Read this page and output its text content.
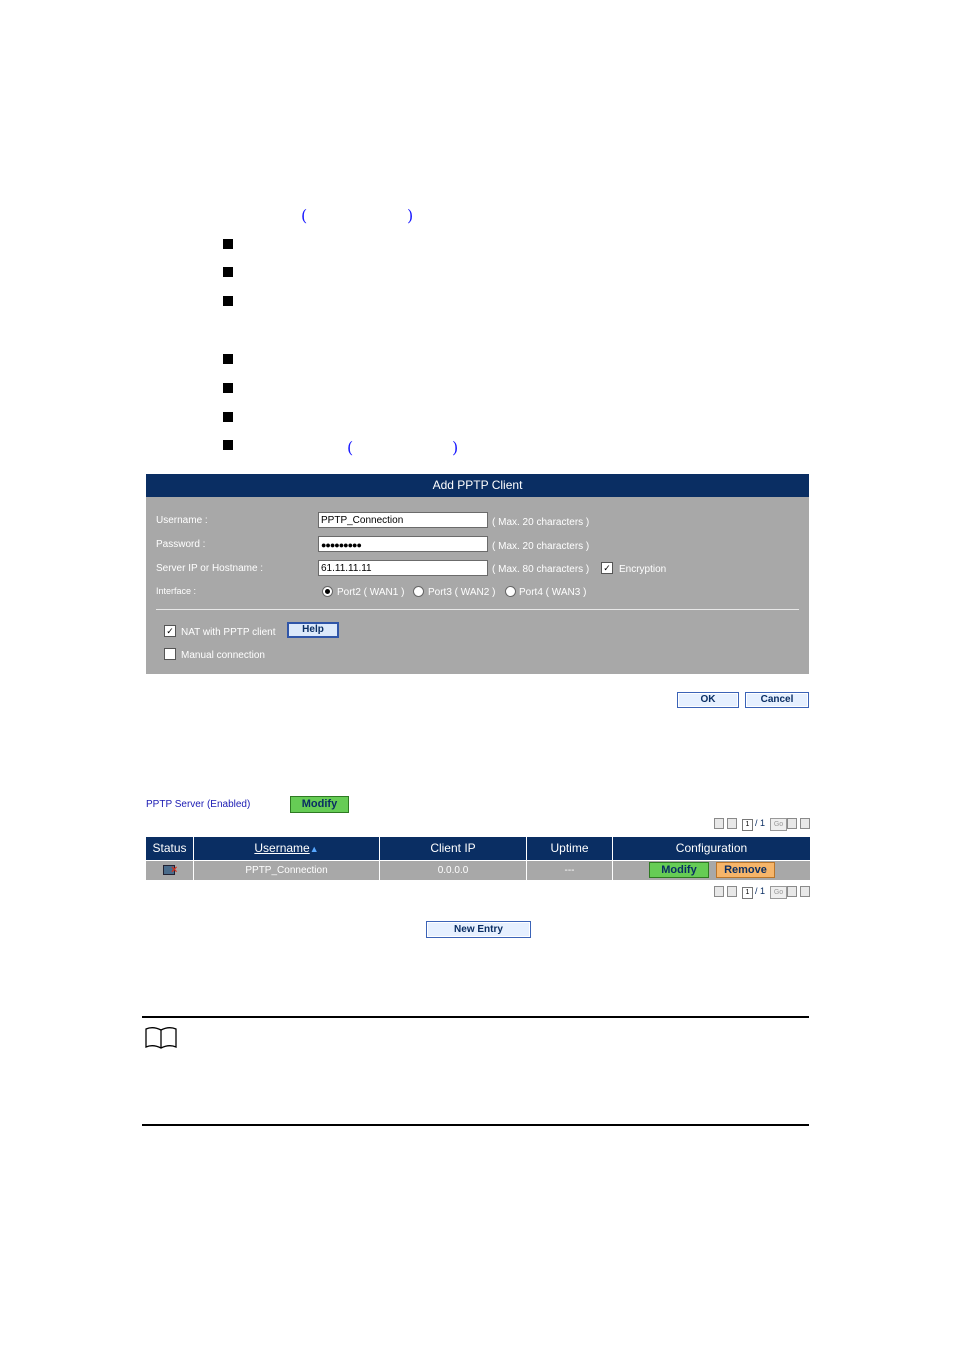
(	)
(	)
Add PPTP Client
Username :	PPTP_Connection	( Max. 20 characters )
Password :	●●●●●●●●●	( Max. 20 characters )
Server IP or Hostname :	61.11.11.11	( Max. 80 characters ) ✓ Encryption
Interface :	Port2 ( WAN1 ) Port3 ( WAN2 ) Port4 ( WAN3 )
✓ NAT with PPTP client	Help
Manual connection
OK	Cancel
PPTP Server (Enabled)	Modify
1 / 1	Go
Status	Username▲	Client IP	Uptime	Configuration
×	PPTP_Connection	0.0.0.0	---	Modify	Remove
1 / 1	Go
New Entry
